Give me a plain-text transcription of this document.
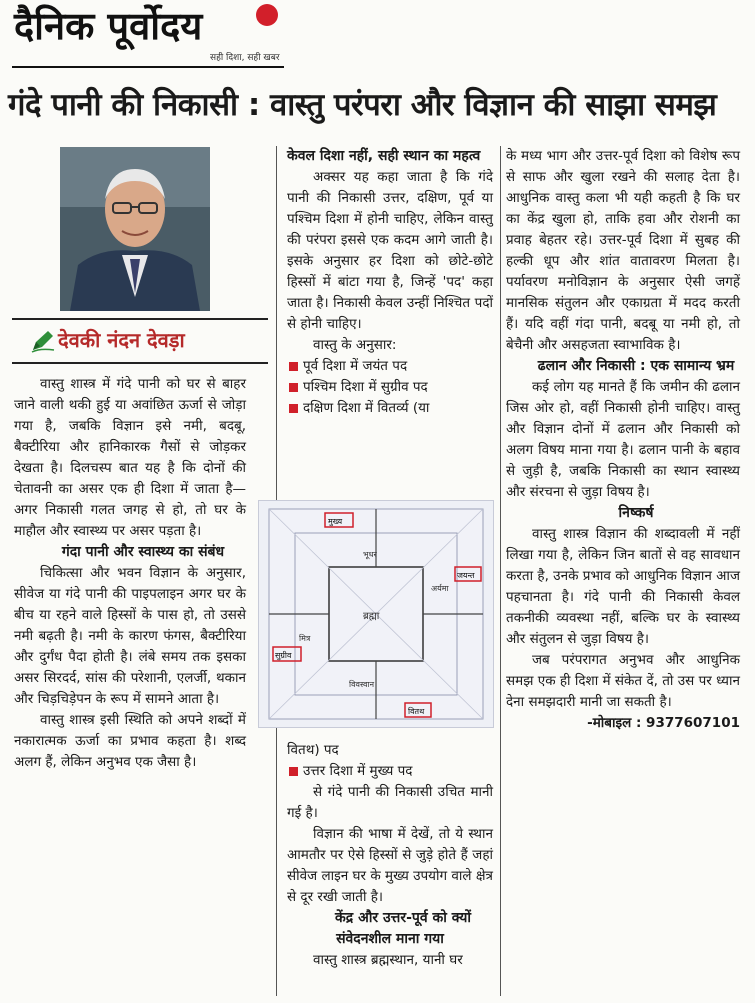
दैनिक पूर्वोदय
सही दिशा, सही खबर
गंदे पानी की निकासी : वास्तु परंपरा और विज्ञान की साझा समझ
देवकी नंदन देवड़ा

वास्तु शास्त्र में गंदे पानी को घर से बाहर जाने वाली थकी हुई या अवांछित ऊर्जा से जोड़ा गया है, जबकि विज्ञान इसे नमी, बदबू, बैक्टीरिया और हानिकारक गैसों से जोड़कर देखता है। दिलचस्प बात यह है कि दोनों की चेतावनी का असर एक ही दिशा में जाता है—अगर निकासी गलत जगह से हो, तो घर के माहौल और स्वास्थ्य पर असर पड़ता है।

गंदा पानी और स्वास्थ्य का संबंध

चिकित्सा और भवन विज्ञान के अनुसार, सीवेज या गंदे पानी की पाइपलाइन अगर घर के बीच या रहने वाले हिस्सों के पास हो, तो उससे नमी बढ़ती है। नमी के कारण फंगस, बैक्टीरिया और दुर्गंध पैदा होती है। लंबे समय तक इसका असर सिरदर्द, सांस की परेशानी, एलर्जी, थकान और चिड़चिड़ेपन के रूप में सामने आता है।

वास्तु शास्त्र इसी स्थिति को अपने शब्दों में नकारात्मक ऊर्जा का प्रभाव कहता है। शब्द अलग हैं, लेकिन अनुभव एक जैसा है।

केवल दिशा नहीं, सही स्थान का महत्व

अक्सर यह कहा जाता है कि गंदे पानी की निकासी उत्तर, दक्षिण, पूर्व या पश्चिम दिशा में होनी चाहिए, लेकिन वास्तु की परंपरा इससे एक कदम आगे जाती है। इसके अनुसार हर दिशा को छोटे-छोटे हिस्सों में बांटा गया है, जिन्हें 'पद' कहा जाता है। निकासी केवल उन्हीं निश्चित पदों से होनी चाहिए।

वास्तु के अनुसार:

पूर्व दिशा में जयंत पद
पश्चिम दिशा में सुग्रीव पद
दक्षिण दिशा में वितर्व्य (या
ब्रह्मा
भूधर
अर्यमा
विवस्वान
मित्र
मुख्य
जयन्त
सुग्रीव
वितथ

वितथ) पद

उत्तर दिशा में मुख्य पद

से गंदे पानी की निकासी उचित मानी गई है।

विज्ञान की भाषा में देखें, तो ये स्थान आमतौर पर ऐसे हिस्सों से जुड़े होते हैं जहां सीवेज लाइन घर के मुख्य उपयोग वाले क्षेत्र से दूर रखी जाती है।

केंद्र और उत्तर-पूर्व को क्यों संवेदनशील माना गया

वास्तु शास्त्र ब्रह्मस्थान, यानी घर

के मध्य भाग और उत्तर-पूर्व दिशा को विशेष रूप से साफ और खुला रखने की सलाह देता है। आधुनिक वास्तु कला भी यही कहती है कि घर का केंद्र खुला हो, ताकि हवा और रोशनी का प्रवाह बेहतर रहे। उत्तर-पूर्व दिशा में सुबह की हल्की धूप और शांत वातावरण मिलता है। पर्यावरण मनोविज्ञान के अनुसार ऐसी जगहें मानसिक संतुलन और एकाग्रता में मदद करती हैं। यदि वहीं गंदा पानी, बदबू या नमी हो, तो बेचैनी और असहजता स्वाभाविक है।

ढलान और निकासी : एक सामान्य भ्रम

कई लोग यह मानते हैं कि जमीन की ढलान जिस ओर हो, वहीं निकासी होनी चाहिए। वास्तु और विज्ञान दोनों में ढलान और निकासी को अलग विषय माना गया है। ढलान पानी के बहाव से जुड़ी है, जबकि निकासी का स्थान स्वास्थ्य और संरचना से जुड़ा विषय है।

निष्कर्ष

वास्तु शास्त्र विज्ञान की शब्दावली में नहीं लिखा गया है, लेकिन जिन बातों से वह सावधान करता है, उनके प्रभाव को आधुनिक विज्ञान आज पहचानता है। गंदे पानी की निकासी केवल तकनीकी व्यवस्था नहीं, बल्कि घर के स्वास्थ्य और संतुलन से जुड़ा विषय है।

जब परंपरागत अनुभव और आधुनिक समझ एक ही दिशा में संकेत दें, तो उस पर ध्यान देना समझदारी मानी जा सकती है।

-मोबाइल : 9377607101
